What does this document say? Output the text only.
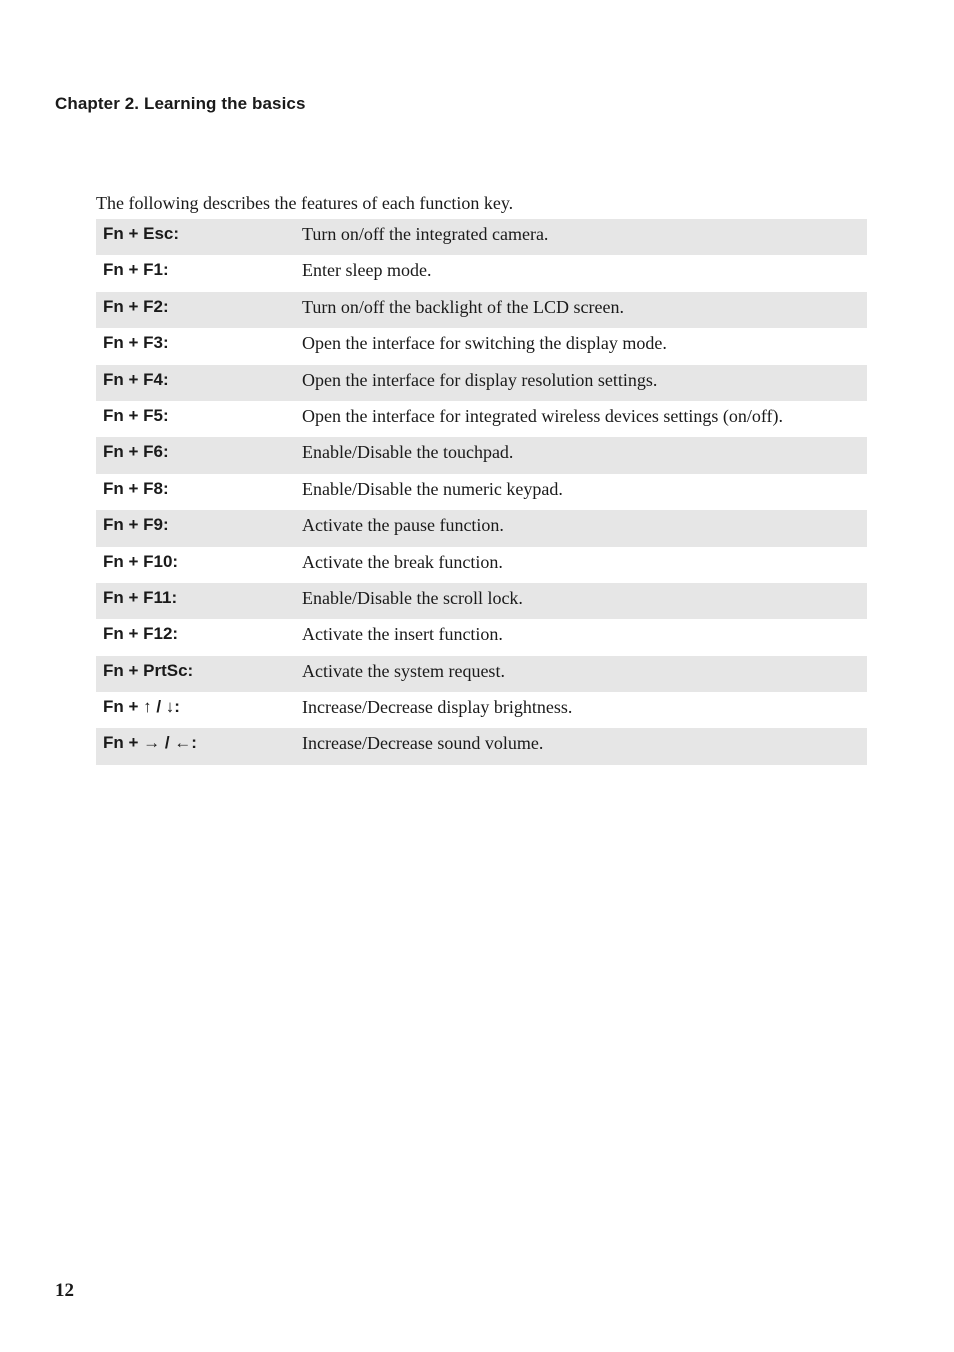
Chapter 2. Learning the basics
The following describes the features of each function key.
Fn + Esc:	Turn on/off the integrated camera.
Fn + F1:	Enter sleep mode.
Fn + F2:	Turn on/off the backlight of the LCD screen.
Fn + F3:	Open the interface for switching the display mode.
Fn + F4:	Open the interface for display resolution settings.
Fn + F5:	Open the interface for integrated wireless devices settings (on/off).
Fn + F6:	Enable/Disable the touchpad.
Fn + F8:	Enable/Disable the numeric keypad.
Fn + F9:	Activate the pause function.
Fn + F10:	Activate the break function.
Fn + F11:	Enable/Disable the scroll lock.
Fn + F12:	Activate the insert function.
Fn + PrtSc:	Activate the system request.
Fn + ↑ / ↓:	Increase/Decrease display brightness.
Fn + → / ←:	Increase/Decrease sound volume.
12
